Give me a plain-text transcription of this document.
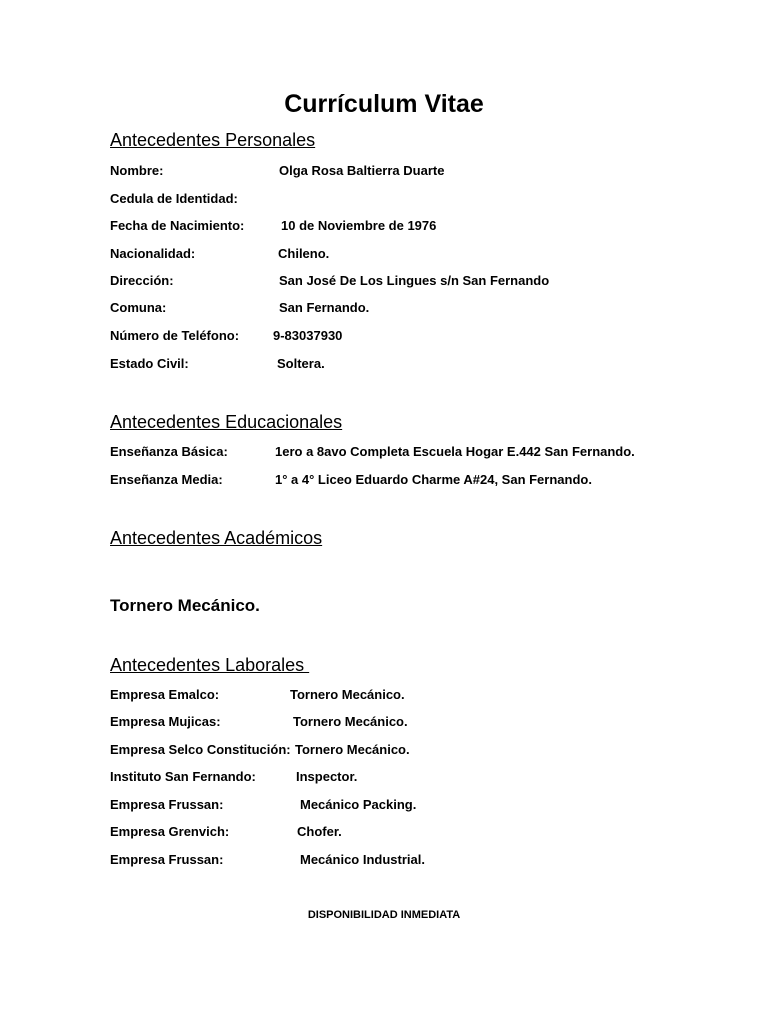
Currículum Vitae
Antecedentes Personales
Nombre:	Olga Rosa Baltierra Duarte
Cedula de Identidad:
Fecha de Nacimiento:	10 de Noviembre de 1976
Nacionalidad:	Chileno.
Dirección:	San José De Los Lingues s/n San Fernando
Comuna:	San Fernando.
Número de Teléfono:	9-83037930
Estado Civil:	Soltera.
Antecedentes Educacionales
Enseñanza Básica:	1ero a 8avo Completa Escuela Hogar E.442 San Fernando.
Enseñanza Media:	1° a 4° Liceo Eduardo Charme A#24, San Fernando.
Antecedentes Académicos
Tornero Mecánico.
Antecedentes Laborales
Empresa Emalco:	Tornero Mecánico.
Empresa Mujicas:	Tornero Mecánico.
Empresa Selco Constitución: Tornero Mecánico.
Instituto San Fernando:	Inspector.
Empresa Frussan:	Mecánico Packing.
Empresa Grenvich:	Chofer.
Empresa Frussan:	Mecánico Industrial.
DISPONIBILIDAD INMEDIATA
